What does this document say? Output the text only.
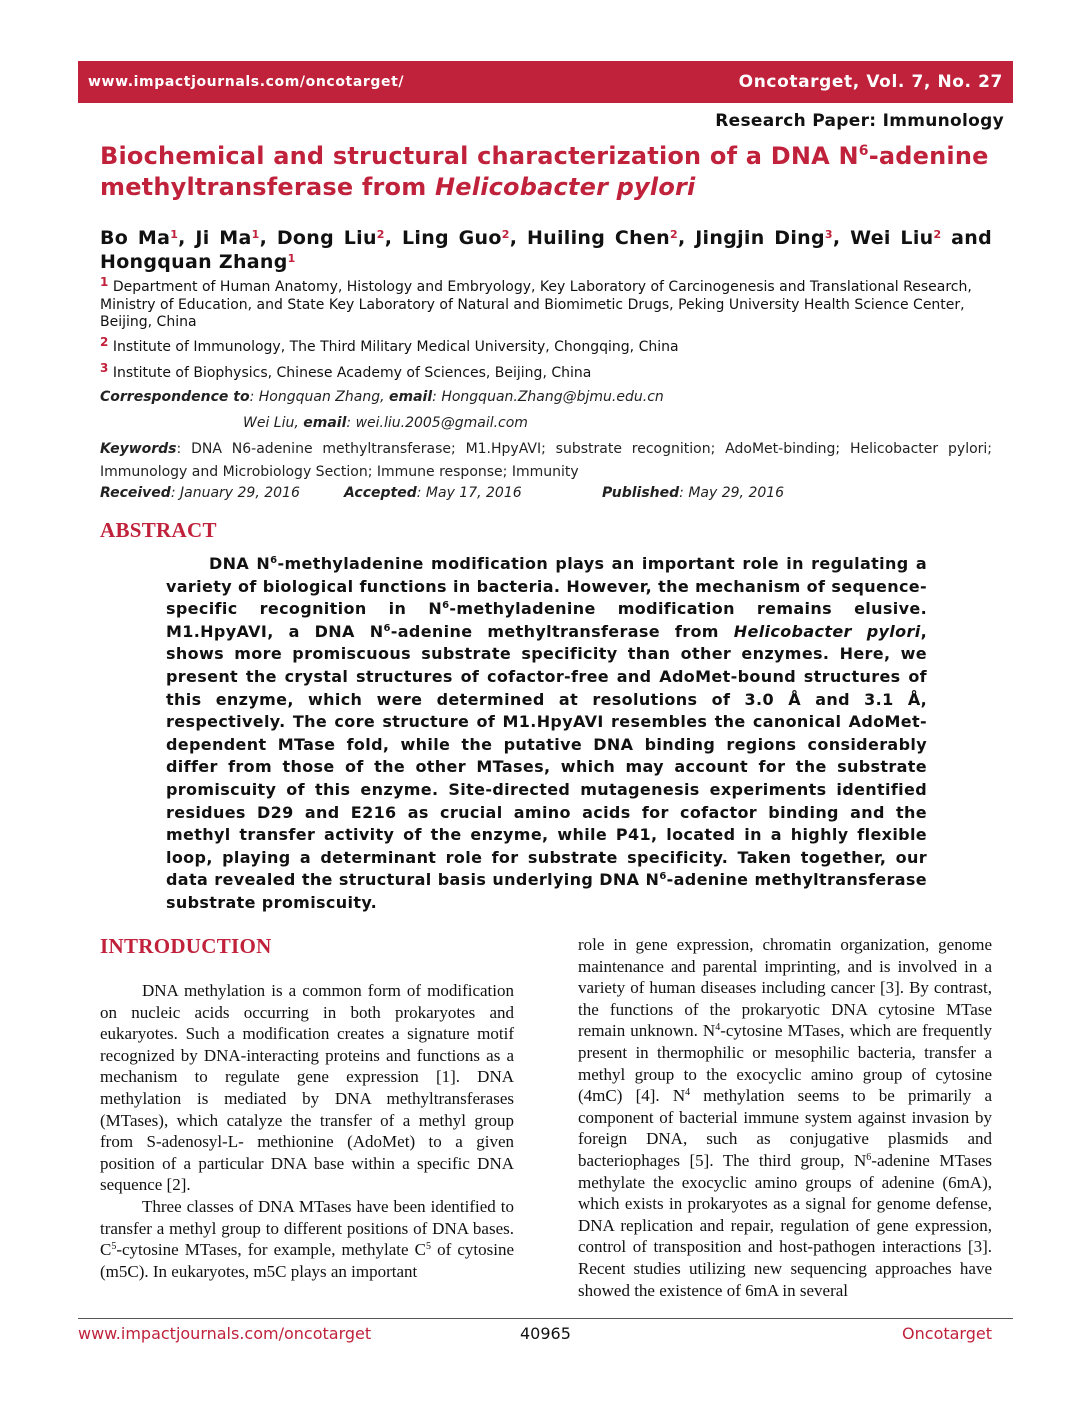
www.impactjournals.com/oncotarget/	Oncotarget, Vol. 7, No. 27
Research Paper: Immunology
Biochemical and structural characterization of a DNA $N^6$-adenine methyltransferase from Helicobacter pylori
Bo Ma$^1$, Ji Ma$^1$, Dong Liu$^2$, Ling Guo$^2$, Huiling Chen$^2$, Jingjin Ding$^3$, Wei Liu$^2$ and
Hongquan Zhang$^1$
1 Department of Human Anatomy, Histology and Embryology, Key Laboratory of Carcinogenesis and Translational Research, Ministry of Education, and State Key Laboratory of Natural and Biomimetic Drugs, Peking University Health Science Center, Beijing, China
2 Institute of Immunology, The Third Military Medical University, Chongqing, China
3 Institute of Biophysics, Chinese Academy of Sciences, Beijing, China
Correspondence to: Hongquan Zhang, email: Hongquan.Zhang@bjmu.edu.cn
Wei Liu, email: wei.liu.2005@gmail.com
Keywords: DNA N6-adenine methyltransferase; M1.HpyAVI; substrate recognition; AdoMet-binding; Helicobacter pylori; Immunology and Microbiology Section; Immune response; Immunity
Received: January 29, 2016	Accepted: May 17, 2016	Published: May 29, 2016
ABSTRACT
DNA $N^6$-methyladenine modification plays an important role in regulating a variety of biological functions in bacteria. However, the mechanism of sequence-specific recognition in $N^6$-methyladenine modification remains elusive. M1.HpyAVI, a DNA $N^6$-adenine methyltransferase from Helicobacter pylori, shows more promiscuous substrate specificity than other enzymes. Here, we present the crystal structures of cofactor-free and AdoMet-bound structures of this enzyme, which were determined at resolutions of 3.0 Å and 3.1 Å, respectively. The core structure of M1.HpyAVI resembles the canonical AdoMet-dependent MTase fold, while the putative DNA binding regions considerably differ from those of the other MTases, which may account for the substrate promiscuity of this enzyme. Site-directed mutagenesis experiments identified residues D29 and E216 as crucial amino acids for cofactor binding and the methyl transfer activity of the enzyme, while P41, located in a highly flexible loop, playing a determinant role for substrate specificity. Taken together, our data revealed the structural basis underlying DNA $N^6$-adenine methyltransferase substrate promiscuity.
INTRODUCTION

DNA methylation is a common form of modification on nucleic acids occurring in both prokaryotes and eukaryotes. Such a modification creates a signature motif recognized by DNA-interacting proteins and functions as a mechanism to regulate gene expression [1]. DNA methylation is mediated by DNA methyltransferases (MTases), which catalyze the transfer of a methyl group from S-adenosyl-L- methionine (AdoMet) to a given position of a particular DNA base within a specific DNA sequence [2].

Three classes of DNA MTases have been identified to transfer a methyl group to different positions of DNA bases. $C^5$-cytosine MTases, for example, methylate $C^5$ of cytosine (m5C). In eukaryotes, m5C plays an important

role in gene expression, chromatin organization, genome maintenance and parental imprinting, and is involved in a variety of human diseases including cancer [3]. By contrast, the functions of the prokaryotic DNA cytosine MTase remain unknown. $N^4$-cytosine MTases, which are frequently present in thermophilic or mesophilic bacteria, transfer a methyl group to the exocyclic amino group of cytosine (4mC) [4]. $N^4$ methylation seems to be primarily a component of bacterial immune system against invasion by foreign DNA, such as conjugative plasmids and bacteriophages [5]. The third group, $N^6$-adenine MTases methylate the exocyclic amino groups of adenine (6mA), which exists in prokaryotes as a signal for genome defense, DNA replication and repair, regulation of gene expression, control of transposition and host-pathogen interactions [3]. Recent studies utilizing new sequencing approaches have showed the existence of 6mA in several

www.impactjournals.com/oncotarget	40965	Oncotarget
